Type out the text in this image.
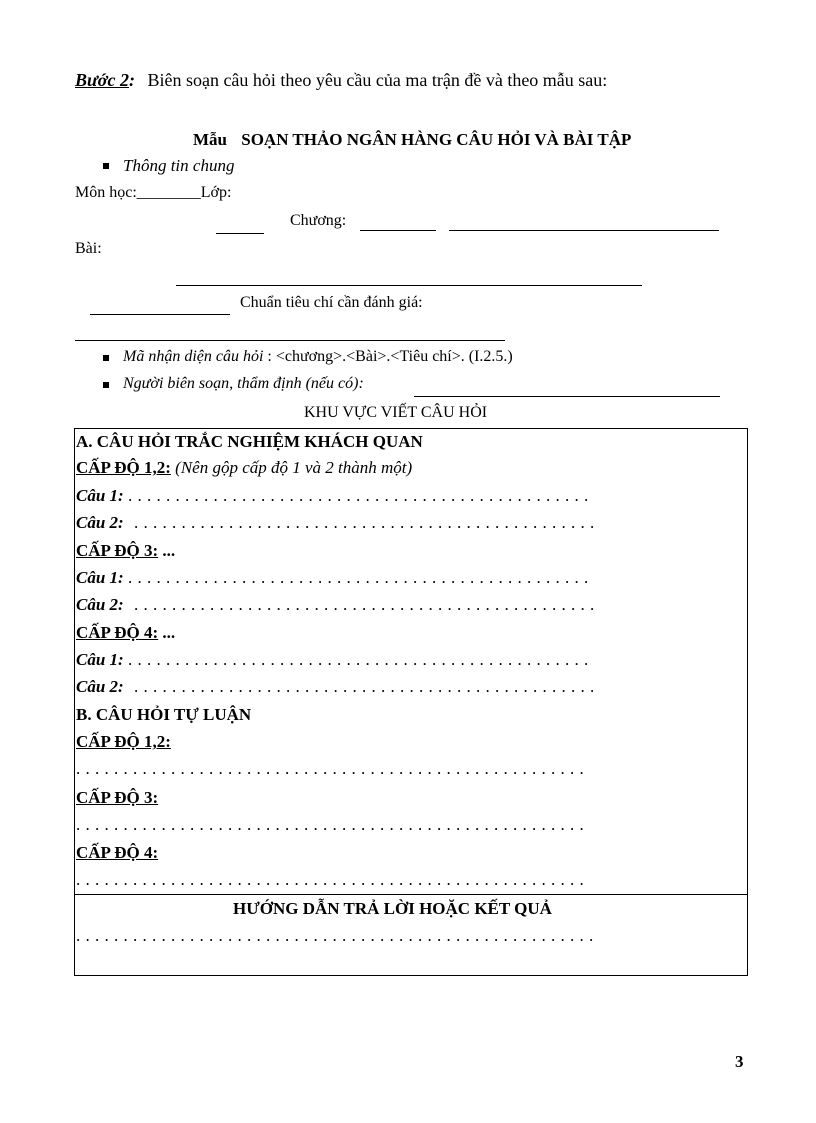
Bước 2: Biên soạn câu hỏi theo yêu cầu của ma trận đề và theo mẫu sau:
Mẫu SOẠN THẢO NGÂN HÀNG CÂU HỎI VÀ BÀI TẬP
Thông tin chung
Môn học:________Lớp:
Chương:
Bài:
Chuẩn tiêu chí cần đánh giá:
Mã nhận diện câu hỏi : <chương>.<Bài>.<Tiêu chí>. (I.2.5.)
Người biên soạn, thẩm định (nếu có):
KHU VỰC VIẾT CÂU HỎI
A. CÂU HỎI TRẮC NGHIỆM KHÁCH QUAN
CẤP ĐỘ 1,2: (Nên gộp cấp độ 1 và 2 thành một)
Câu 1: . . . . . . . . . . . . . . . . . . . . . . . . . . . . . . . . . . . . . . . . . . . . . . . . .
Câu 2: . . . . . . . . . . . . . . . . . . . . . . . . . . . . . . . . . . . . . . . . . . . . . . . . .
CẤP ĐỘ 3: ...
Câu 1: . . . . . . . . . . . . . . . . . . . . . . . . . . . . . . . . . . . . . . . . . . . . . . . . .
Câu 2: . . . . . . . . . . . . . . . . . . . . . . . . . . . . . . . . . . . . . . . . . . . . . . . . .
CẤP ĐỘ 4: ...
Câu 1: . . . . . . . . . . . . . . . . . . . . . . . . . . . . . . . . . . . . . . . . . . . . . . . . .
Câu 2: . . . . . . . . . . . . . . . . . . . . . . . . . . . . . . . . . . . . . . . . . . . . . . . . .
B. CÂU HỎI TỰ LUẬN
CẤP ĐỘ 1,2:
. . . . . . . . . . . . . . . . . . . . . . . . . . . . . . . . . . . . . . . . . . . . . . . . . . . . . .
CẤP ĐỘ 3:
. . . . . . . . . . . . . . . . . . . . . . . . . . . . . . . . . . . . . . . . . . . . . . . . . . . . . .
CẤP ĐỘ 4:
. . . . . . . . . . . . . . . . . . . . . . . . . . . . . . . . . . . . . . . . . . . . . . . . . . . . . .
HƯỚNG DẪN TRẢ LỜI HOẶC KẾT QUẢ
. . . . . . . . . . . . . . . . . . . . . . . . . . . . . . . . . . . . . . . . . . . . . . . . . . . . . . .
3
